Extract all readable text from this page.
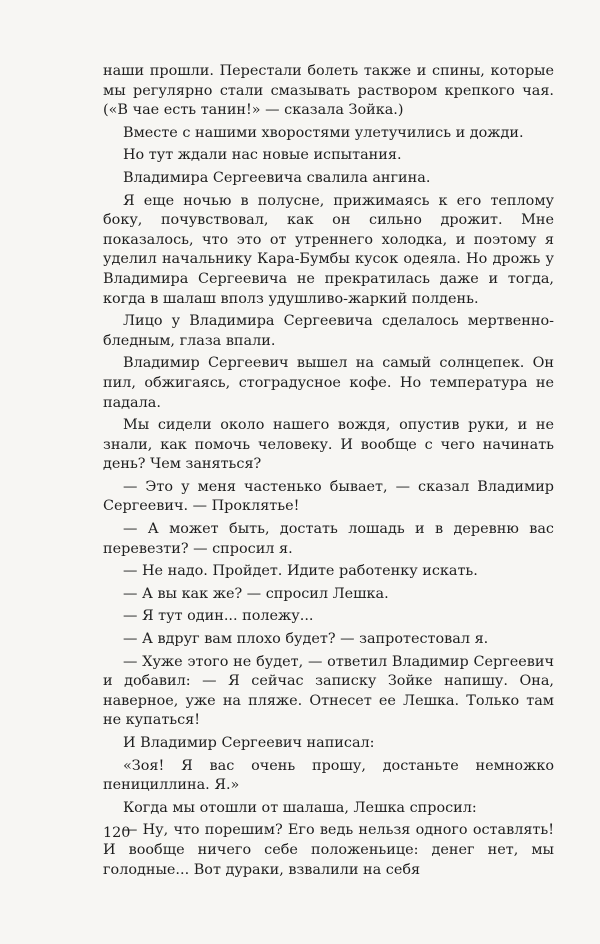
наши прошли. Перестали болеть также и спины, которые мы регулярно стали смазывать раствором крепкого чая. («В чае есть танин!» — сказала Зойка.)

Вместе с нашими хворостями улетучились и дожди.

Но тут ждали нас новые испытания.

Владимира Сергеевича свалила ангина.

Я еще ночью в полусне, прижимаясь к его теплому боку, почувствовал, как он сильно дрожит. Мне показалось, что это от утреннего холодка, и поэтому я уделил начальнику Кара-Бумбы кусок одеяла. Но дрожь у Владимира Сергеевича не прекратилась даже и тогда, когда в шалаш вполз удушливо-жаркий полдень.

Лицо у Владимира Сергеевича сделалось мертвенно-бледным, глаза впали.

Владимир Сергеевич вышел на самый солнцепек. Он пил, обжигаясь, стоградусное кофе. Но температура не падала.

Мы сидели около нашего вождя, опустив руки, и не знали, как помочь человеку. И вообще с чего начинать день? Чем заняться?

— Это у меня частенько бывает, — сказал Владимир Сергеевич. — Проклятье!

— А может быть, достать лошадь и в деревню вас перевезти? — спросил я.

— Не надо. Пройдет. Идите работенку искать.

— А вы как же? — спросил Лешка.

— Я тут один... полежу...

— А вдруг вам плохо будет? — запротестовал я.

— Хуже этого не будет, — ответил Владимир Сергеевич и добавил: — Я сейчас записку Зойке напишу. Она, наверное, уже на пляже. Отнесет ее Лешка. Только там не купаться!

И Владимир Сергеевич написал:

«Зоя! Я вас очень прошу, достаньте немножко пенициллина. Я.»

Когда мы отошли от шалаша, Лешка спросил:

— Ну, что порешим? Его ведь нельзя одного оставлять! И вообще ничего себе положеньице: денег нет, мы голодные... Вот дураки, взвалили на себя

120
